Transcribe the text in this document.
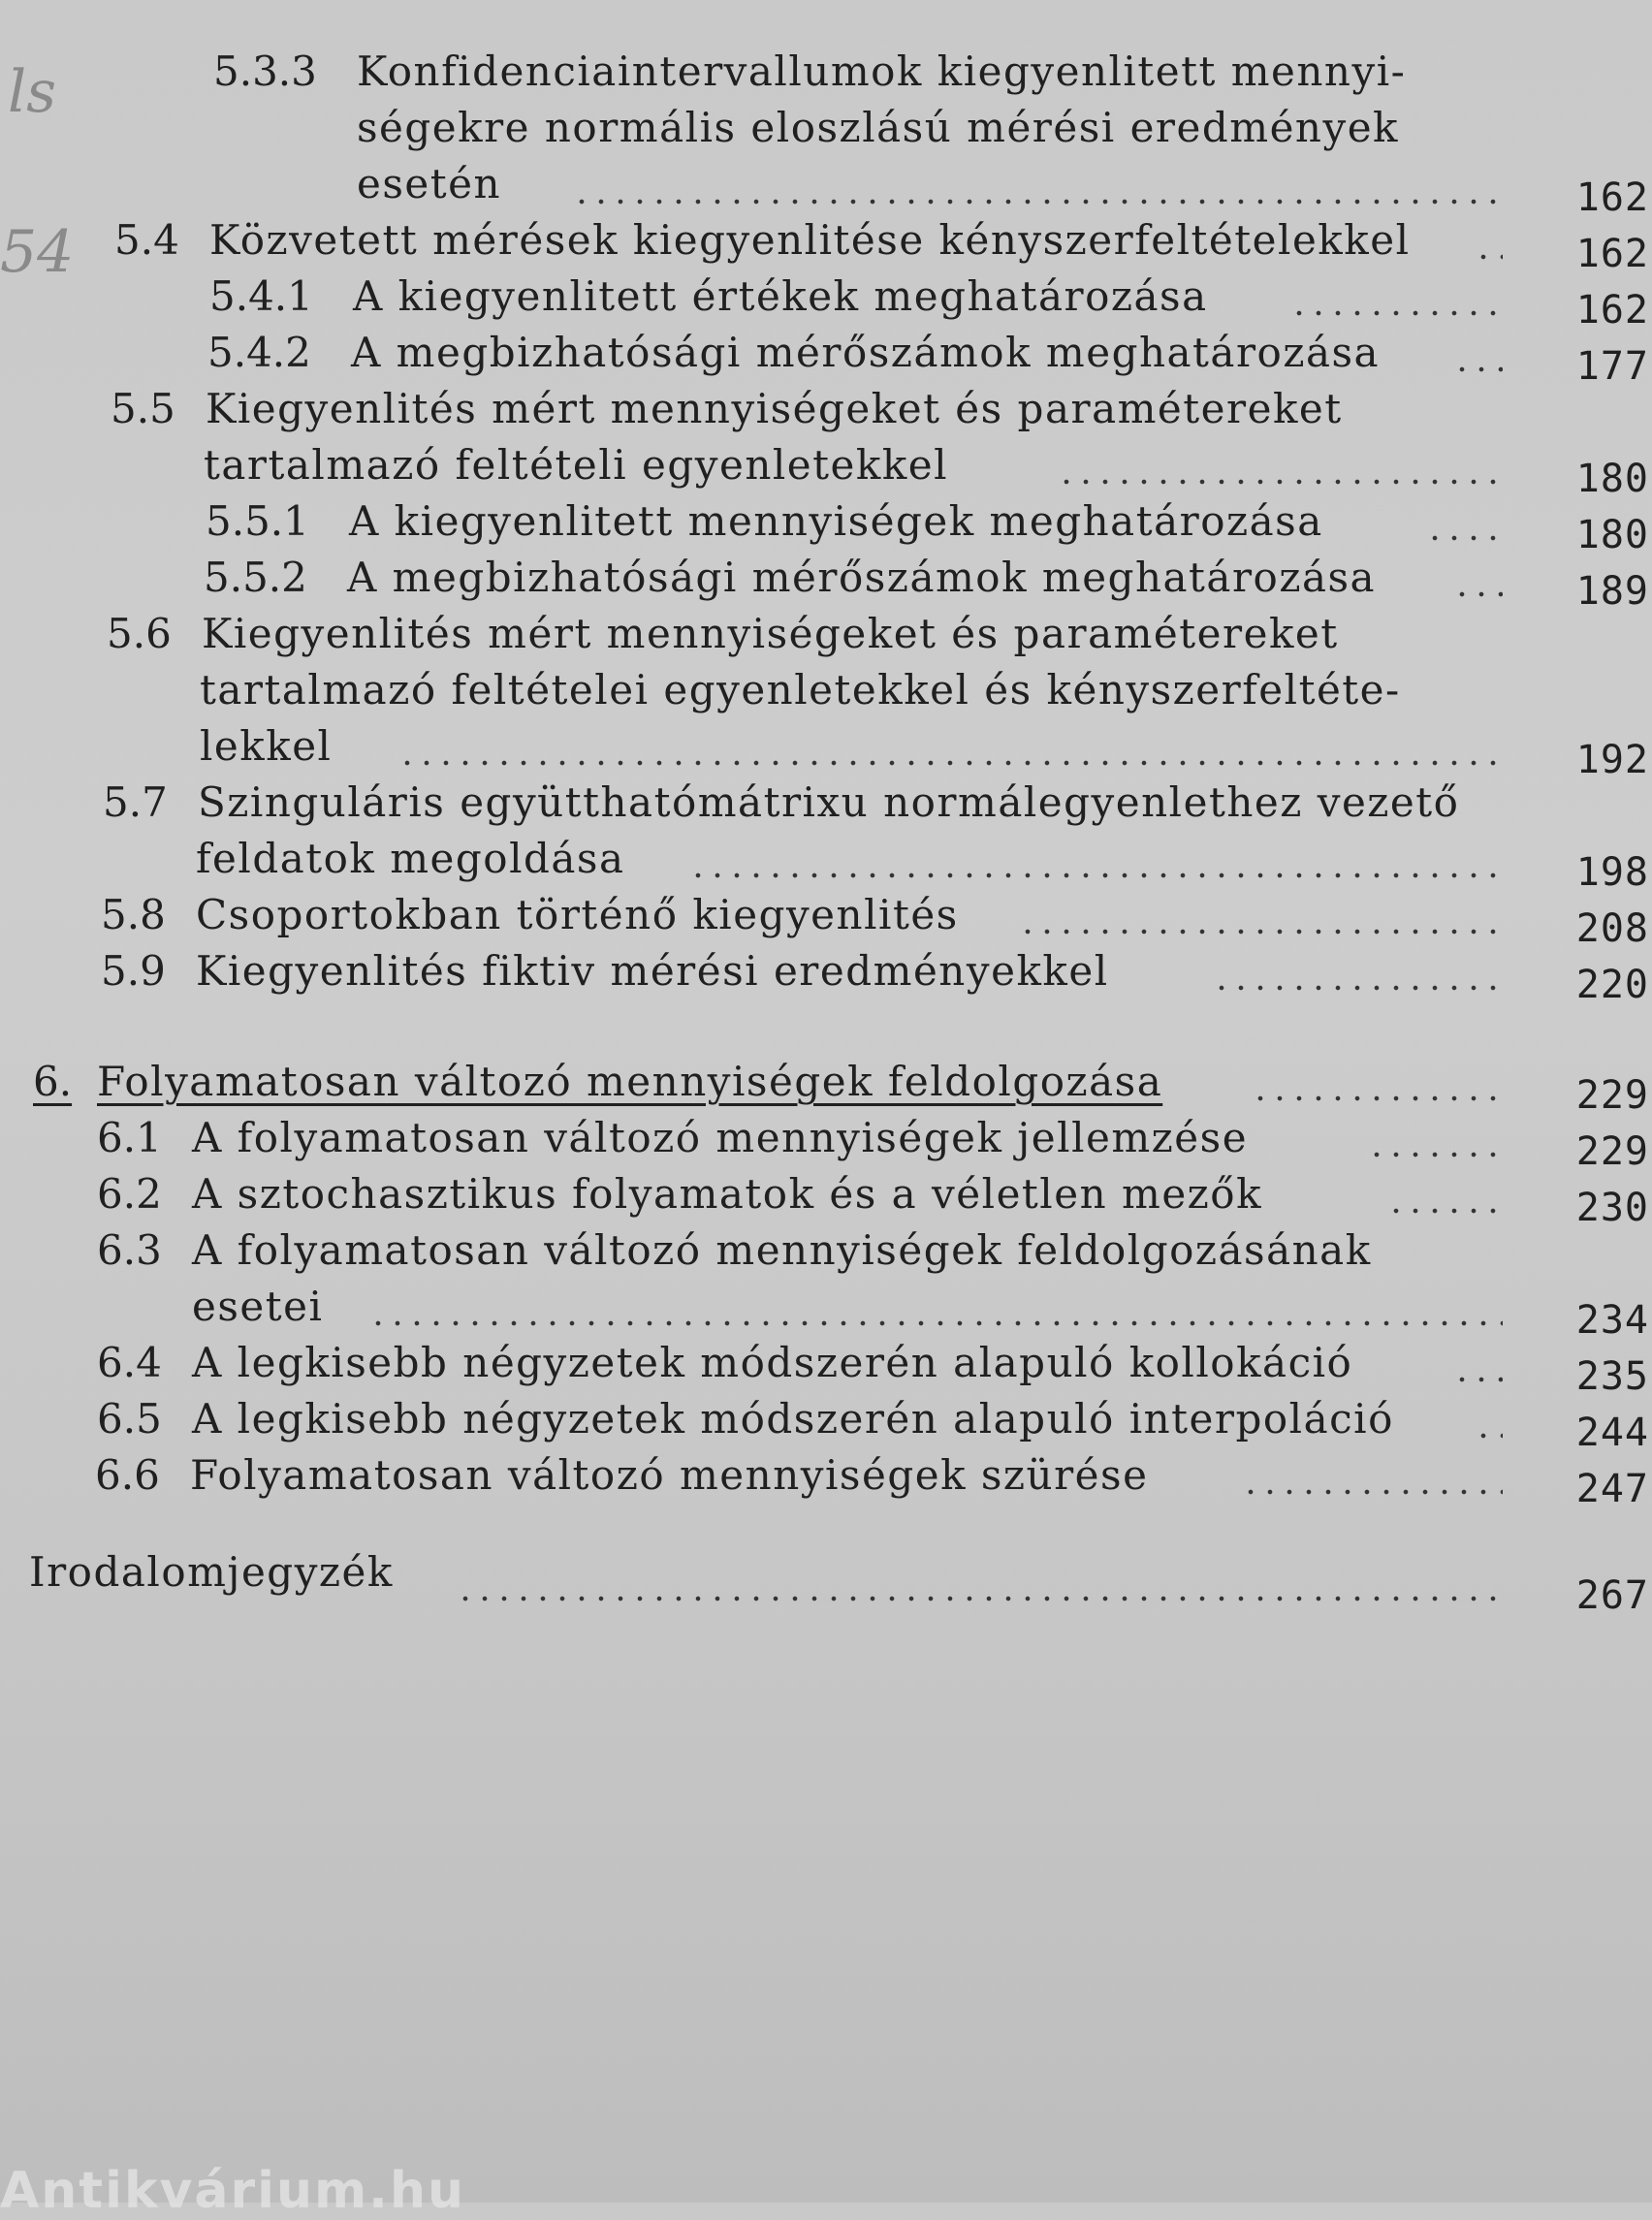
ls
54
5.3.3 Konfidenciaintervallumok kiegyenlitett mennyi-
ségekre normális eloszlású mérési eredmények
esetén	162
5.4 Közvetett mérések kiegyenlitése kényszerfeltételekkel	162
5.4.1 A kiegyenlitett értékek meghatározása	162
5.4.2 A megbizhatósági mérőszámok meghatározása	177
5.5 Kiegyenlités mért mennyiségeket és paramétereket
tartalmazó feltételi egyenletekkel	180
5.5.1 A kiegyenlitett mennyiségek meghatározása	180
5.5.2 A megbizhatósági mérőszámok meghatározása	189
5.6 Kiegyenlités mért mennyiségeket és paramétereket
tartalmazó feltételei egyenletekkel és kényszerfeltéte-
lekkel	192
5.7 Szinguláris együtthatómátrixu normálegyenlethez vezető
feldatok megoldása	198
5.8 Csoportokban történő kiegyenlités	208
5.9 Kiegyenlités fiktiv mérési eredményekkel	220
6. Folyamatosan változó mennyiségek feldolgozása	229
6.1 A folyamatosan változó mennyiségek jellemzése	229
6.2 A sztochasztikus folyamatok és a véletlen mezők	230
6.3 A folyamatosan változó mennyiségek feldolgozásának
esetei	234
6.4 A legkisebb négyzetek módszerén alapuló kollokáció	235
6.5 A legkisebb négyzetek módszerén alapuló interpoláció	244
6.6 Folyamatosan változó mennyiségek szürése	247
Irodalomjegyzék	267
Antikvárium.hu
